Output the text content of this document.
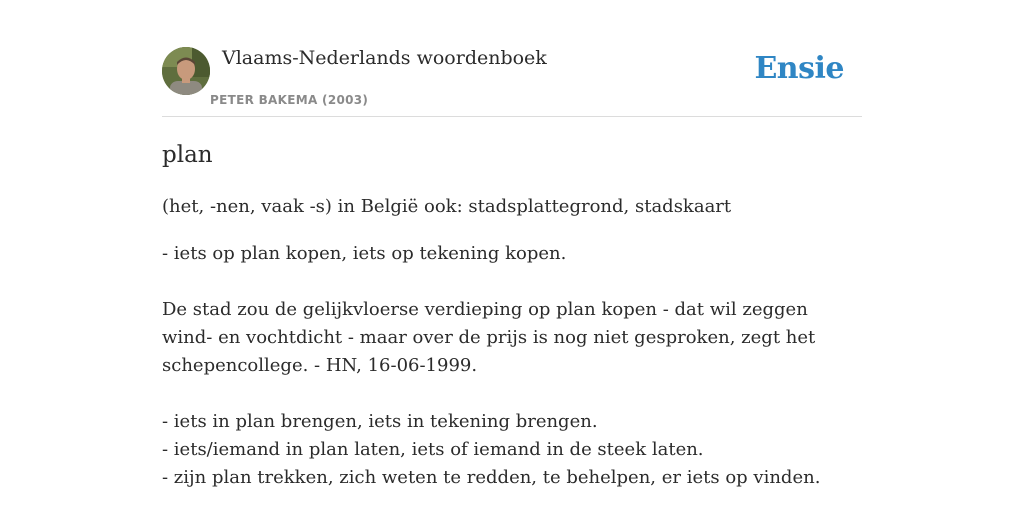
Vlaams-Nederlands woordenboek
PETER BAKEMA (2003)
Ensie
plan
(het, -nen, vaak -s) in België ook: stadsplattegrond, stadskaart

- iets op plan kopen, iets op tekening kopen.

De stad zou de gelijkvloerse verdieping op plan kopen - dat wil zeggen wind- en vochtdicht - maar over de prijs is nog niet gesproken, zegt het schepencollege. - HN, 16-06-1999.

- iets in plan brengen, iets in tekening brengen.

- iets/iemand in plan laten, iets of iemand in de steek laten.

- zijn plan trekken, zich weten te redden, te behelpen, er iets op vinden.
